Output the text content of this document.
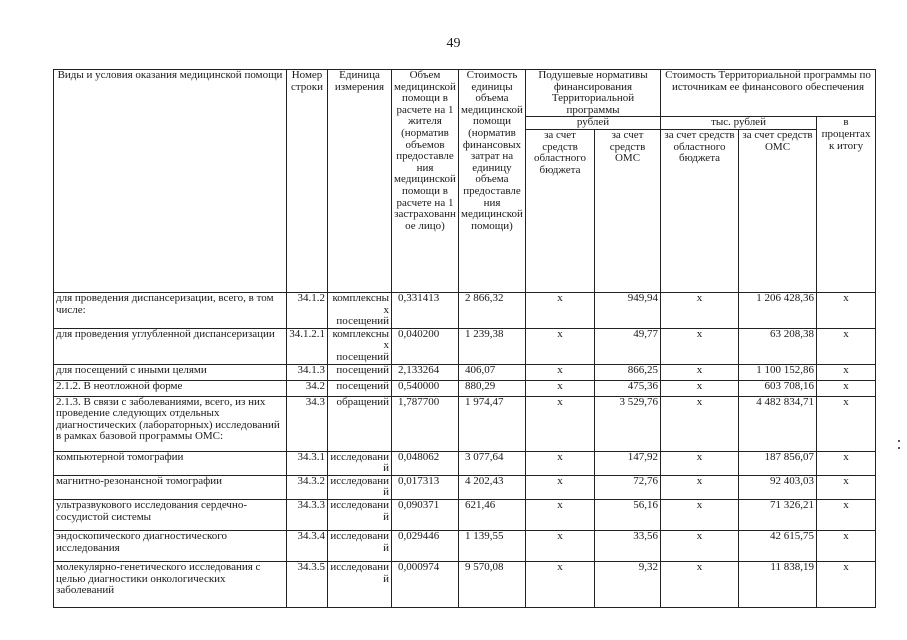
49
Виды и условия оказания медицинской помощи	Номер строки	Единица измерения	Объем медицинской помощи в расчете на 1 жителя (норматив объемов предоставления медицинской помощи в расчете на 1 застрахованное лицо)	Стоимость единицы объема медицинской помощи (норматив финансовых затрат на единицу объема предоставления медицинской помощи)	Подушевые нормативы финансирования Территориальной программы		Стоимость Территориальной программы по источникам ее финансового обеспечения		
					рублей		тыс. рублей		в процентах к итогу
					за счет средств областного бюджета	за счет средств ОМС	за счет средств областного бюджета	за счет средств ОМС	
для проведения диспансеризации, всего, в том числе:	34.1.2	комплексных посещений	0,331413	2 866,32	x	949,94	x	1 206 428,36	x
для проведения углубленной диспансеризации	34.1.2.1	комплексных посещений	0,040200	1 239,38	x	49,77	x	63 208,38	x
для посещений с иными целями	34.1.3	посещений	2,133264	406,07	x	866,25	x	1 100 152,86	x
2.1.2. В неотложной форме	34.2	посещений	0,540000	880,29	x	475,36	x	603 708,16	x
2.1.3. В связи с заболеваниями, всего, из них проведение следующих отдельных диагностических (лабораторных) исследований в рамках базовой программы ОМС:	34.3	обращений	1,787700	1 974,47	x	3 529,76	x	4 482 834,71	x
компьютерной томографии	34.3.1	исследований	0,048062	3 077,64	x	147,92	x	187 856,07	x
магнитно-резонансной томографии	34.3.2	исследований	0,017313	4 202,43	x	72,76	x	92 403,03	x
ультразвукового исследования сердечно-сосудистой системы	34.3.3	исследований	0,090371	621,46	x	56,16	x	71 326,21	x
эндоскопического диагностического исследования	34.3.4	исследований	0,029446	1 139,55	x	33,56	x	42 615,75	x
молекулярно-генетического исследования с целью диагностики онкологических заболеваний	34.3.5	исследований	0,000974	9 570,08	x	9,32	x	11 838,19	x
